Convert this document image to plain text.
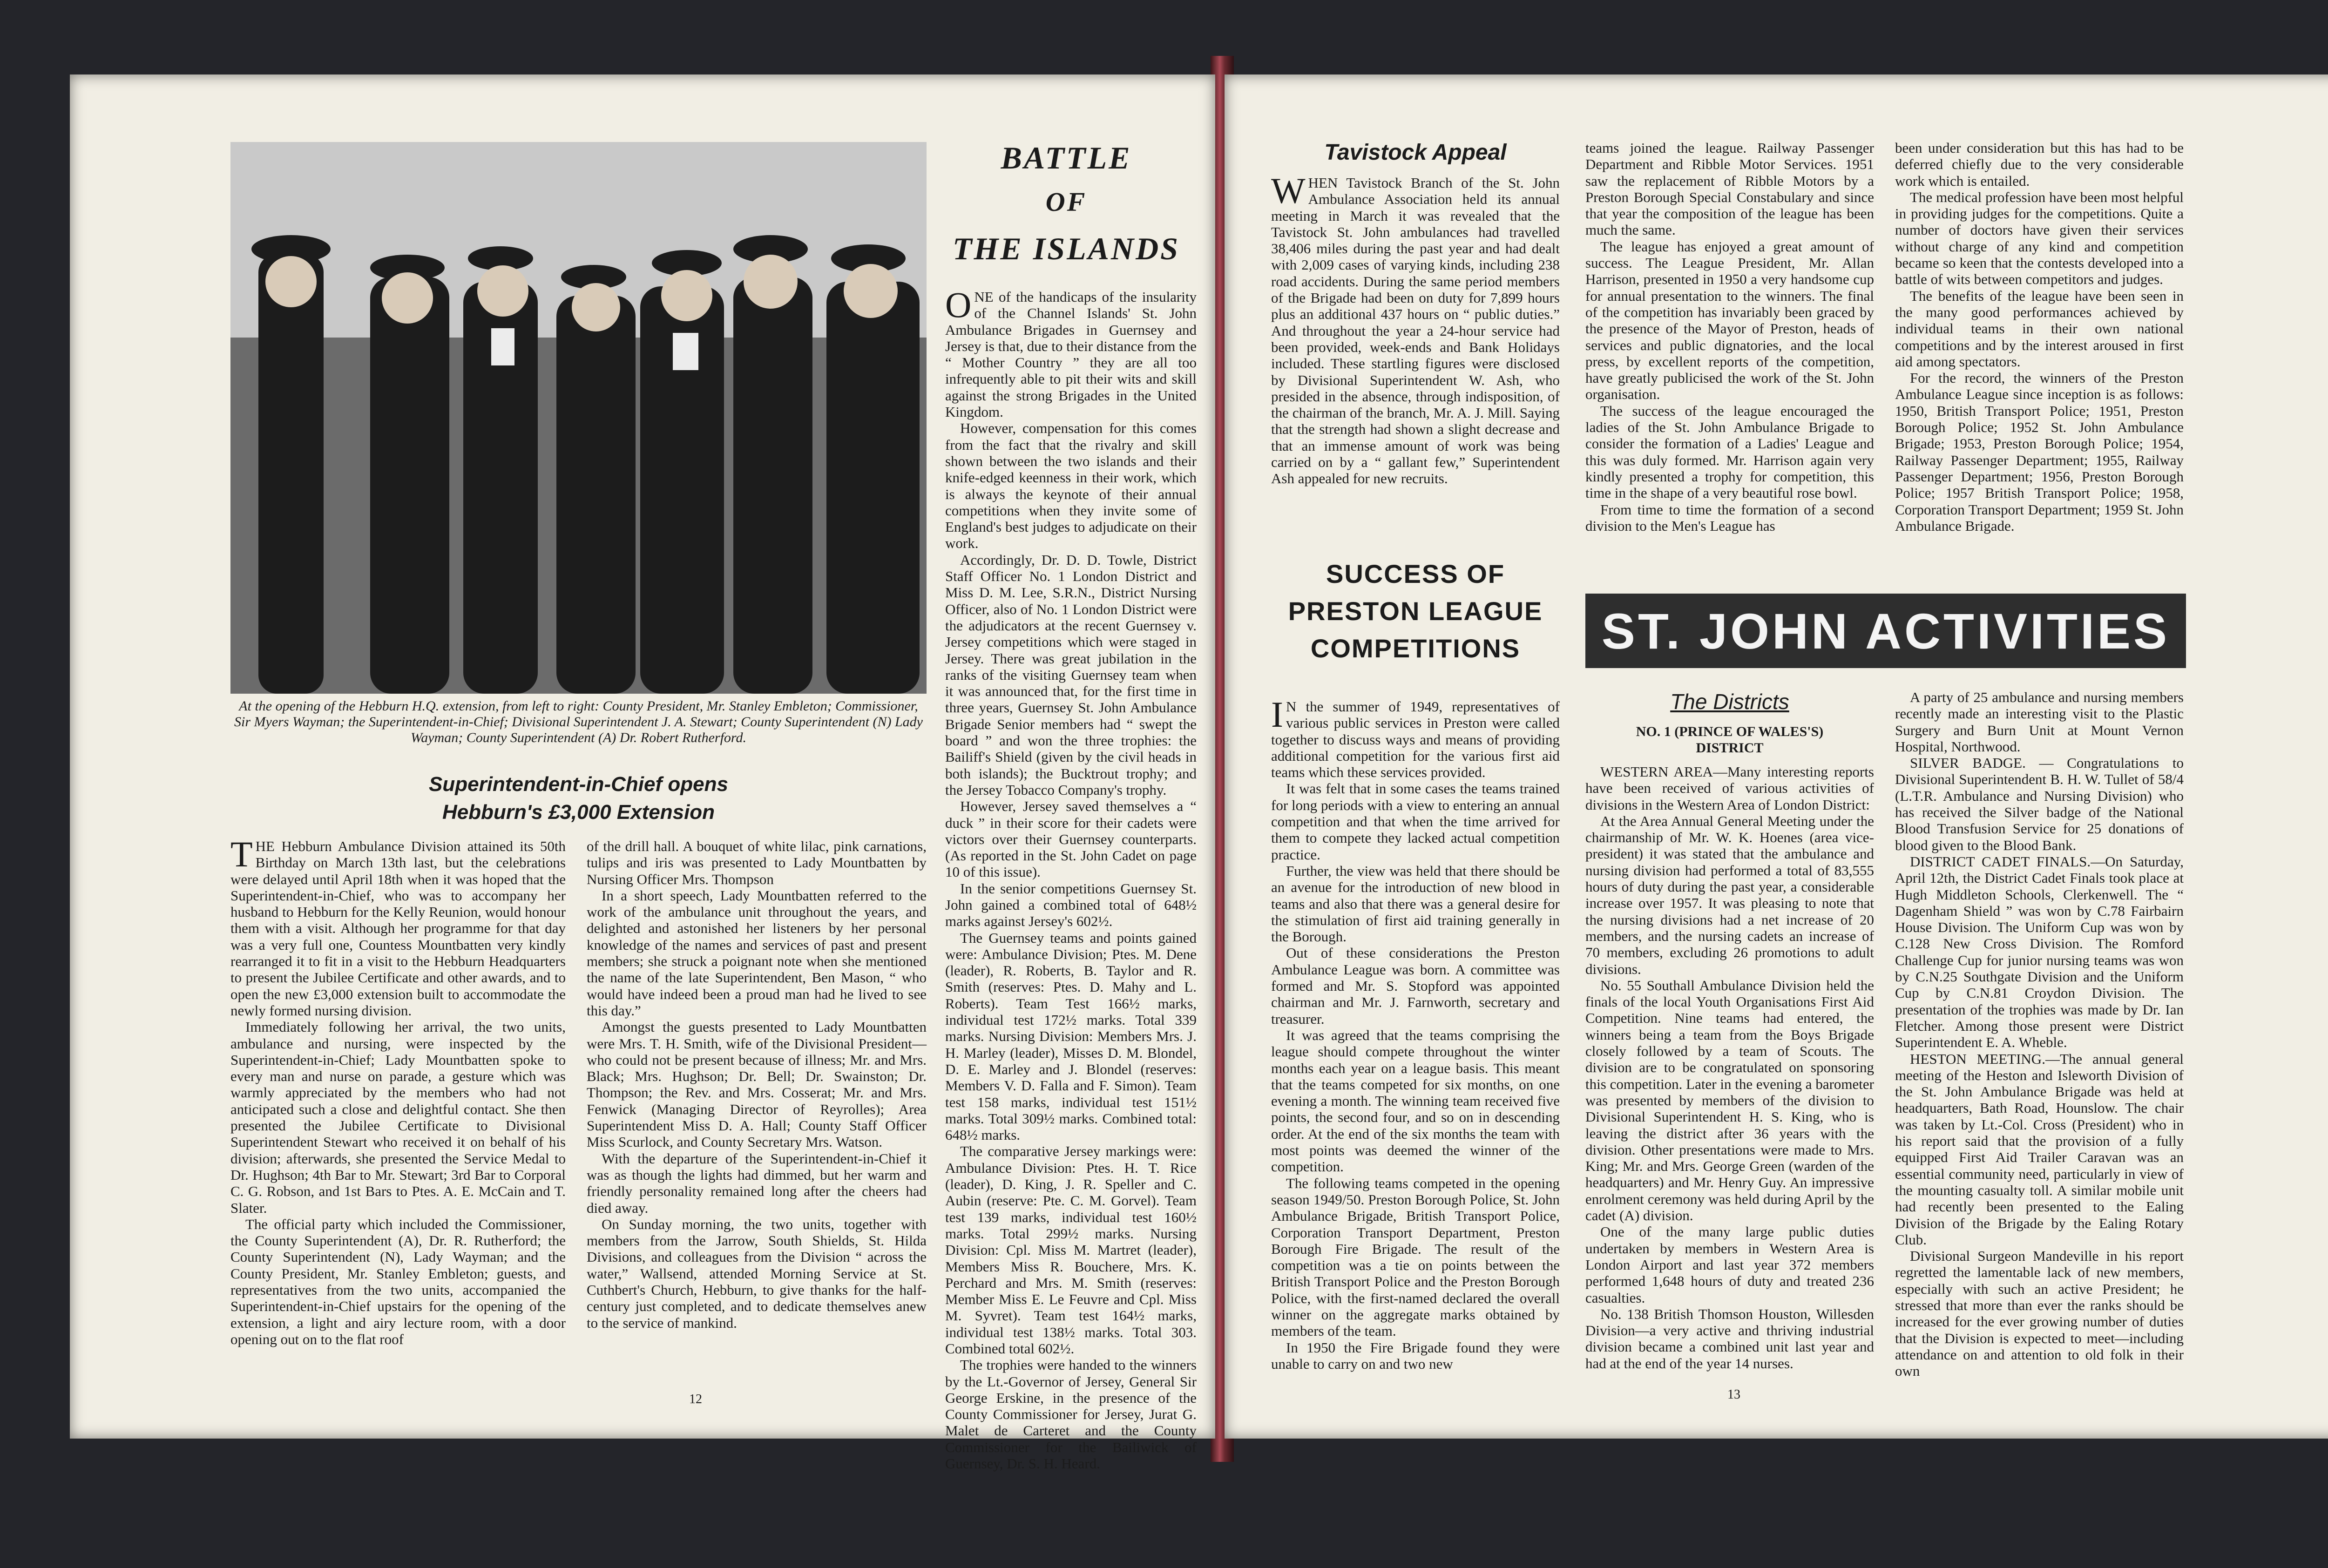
At the opening of the Hebburn H.Q. extension, from left to right: County President, Mr. Stanley Embleton; Commissioner, Sir Myers Wayman; the Superintendent-in-Chief; Divisional Superintendent J. A. Stewart; County Superintendent (N) Lady Wayman; County Superintendent (A) Dr. Robert Rutherford.
Superintendent-in-Chief opens
Hebburn's £3,000 Extension

THE Hebburn Ambulance Division attained its 50th Birthday on March 13th last, but the celebrations were delayed until April 18th when it was hoped that the Superintendent-in-Chief, who was to accompany her husband to Hebburn for the Kelly Reunion, would honour them with a visit. Although her programme for that day was a very full one, Countess Mountbatten very kindly rearranged it to fit in a visit to the Hebburn Headquarters to present the Jubilee Certificate and other awards, and to open the new £3,000 extension built to accommodate the newly formed nursing division.

Immediately following her arrival, the two units, ambulance and nursing, were inspected by the Superintendent-in-Chief; Lady Mountbatten spoke to every man and nurse on parade, a gesture which was warmly appreciated by the members who had not anticipated such a close and delightful contact. She then presented the Jubilee Certificate to Divisional Superintendent Stewart who received it on behalf of his division; afterwards, she presented the Service Medal to Dr. Hughson; 4th Bar to Mr. Stewart; 3rd Bar to Corporal C. G. Robson, and 1st Bars to Ptes. A. E. McCain and T. Slater.

The official party which included the Commissioner, the County Superintendent (A), Dr. R. Rutherford; the County Superintendent (N), Lady Wayman; and the County President, Mr. Stanley Embleton; guests, and representatives from the two units, accompanied the Superintendent-in-Chief upstairs for the opening of the extension, a light and airy lecture room, with a door opening out on to the flat roof

of the drill hall. A bouquet of white lilac, pink carnations, tulips and iris was presented to Lady Mountbatten by Nursing Officer Mrs. Thompson

In a short speech, Lady Mountbatten referred to the work of the ambulance unit throughout the years, and delighted and astonished her listeners by her personal knowledge of the names and services of past and present members; she struck a poignant note when she mentioned the name of the late Superintendent, Ben Mason, “ who would have indeed been a proud man had he lived to see this day.”

Amongst the guests presented to Lady Mountbatten were Mrs. T. H. Smith, wife of the Divisional President—who could not be present because of illness; Mr. and Mrs. Black; Mrs. Hughson; Dr. Bell; Dr. Swainston; Dr. Thompson; the Rev. and Mrs. Cosserat; Mr. and Mrs. Fenwick (Managing Director of Reyrolles); Area Superintendent Miss D. A. Hall; County Staff Officer Miss Scurlock, and County Secretary Mrs. Watson.

With the departure of the Superintendent-in-Chief it was as though the lights had dimmed, but her warm and friendly personality remained long after the cheers had died away.

On Sunday morning, the two units, together with members from the Jarrow, South Shields, St. Hilda Divisions, and colleagues from the Division “ across the water,” Wallsend, attended Morning Service at St. Cuthbert's Church, Hebburn, to give thanks for the half-century just completed, and to dedicate themselves anew to the service of mankind.

BATTLE
OF
THE ISLANDS

ONE of the handicaps of the insularity of the Channel Islands' St. John Ambulance Brigades in Guernsey and Jersey is that, due to their distance from the “ Mother Country ” they are all too infrequently able to pit their wits and skill against the strong Brigades in the United Kingdom.

However, compensation for this comes from the fact that the rivalry and skill shown between the two islands and their knife-edged keenness in their work, which is always the keynote of their annual competitions when they invite some of England's best judges to adjudicate on their work.

Accordingly, Dr. D. D. Towle, District Staff Officer No. 1 London District and Miss D. M. Lee, S.R.N., District Nursing Officer, also of No. 1 London District were the adjudicators at the recent Guernsey v. Jersey competitions which were staged in Jersey. There was great jubilation in the ranks of the visiting Guernsey team when it was announced that, for the first time in three years, Guernsey St. John Ambulance Brigade Senior members had “ swept the board ” and won the three trophies: the Bailiff's Shield (given by the civil heads in both islands); the Bucktrout trophy; and the Jersey Tobacco Company's trophy.

However, Jersey saved themselves a “ duck ” in their score for their cadets were victors over their Guernsey counterparts. (As reported in the St. John Cadet on page 10 of this issue).

In the senior competitions Guernsey St. John gained a combined total of 648½ marks against Jersey's 602½.

The Guernsey teams and points gained were: Ambulance Division; Ptes. M. Dene (leader), R. Roberts, B. Taylor and R. Smith (reserves: Ptes. D. Mahy and L. Roberts). Team Test 166½ marks, individual test 172½ marks. Total 339 marks. Nursing Division: Members Mrs. J. H. Marley (leader), Misses D. M. Blondel, D. E. Marley and J. Blondel (reserves: Members V. D. Falla and F. Simon). Team test 158 marks, individual test 151½ marks. Total 309½ marks. Combined total: 648½ marks.

The comparative Jersey markings were: Ambulance Division: Ptes. H. T. Rice (leader), D. King, J. R. Speller and C. Aubin (reserve: Pte. C. M. Gorvel). Team test 139 marks, individual test 160½ marks. Total 299½ marks. Nursing Division: Cpl. Miss M. Martret (leader), Members Miss R. Bouchere, Mrs. K. Perchard and Mrs. M. Smith (reserves: Member Miss E. Le Feuvre and Cpl. Miss M. Syvret). Team test 164½ marks, individual test 138½ marks. Total 303. Combined total 602½.

The trophies were handed to the winners by the Lt.-Governor of Jersey, General Sir George Erskine, in the presence of the County Commissioner for Jersey, Jurat G. Malet de Carteret and the County Commissioner for the Bailiwick of Guernsey, Dr. S. H. Heard.

12
Tavistock Appeal

WHEN Tavistock Branch of the St. John Ambulance Association held its annual meeting in March it was revealed that the Tavistock St. John ambulances had travelled 38,406 miles during the past year and had dealt with 2,009 cases of varying kinds, including 238 road accidents. During the same period members of the Brigade had been on duty for 7,899 hours plus an additional 437 hours on “ public duties.” And throughout the year a 24-hour service had been provided, week-ends and Bank Holidays included. These startling figures were disclosed by Divisional Superintendent W. Ash, who presided in the absence, through indisposition, of the chairman of the branch, Mr. A. J. Mill. Saying that the strength had shown a slight decrease and that an immense amount of work was being carried on by a “ gallant few,” Superintendent Ash appealed for new recruits.

SUCCESS OF
PRESTON LEAGUE
COMPETITIONS

IN the summer of 1949, representatives of various public services in Preston were called together to discuss ways and means of providing additional competition for the various first aid teams which these services provided.

It was felt that in some cases the teams trained for long periods with a view to entering an annual competition and that when the time arrived for them to compete they lacked actual competition practice.

Further, the view was held that there should be an avenue for the introduction of new blood in teams and also that there was a general desire for the stimulation of first aid training generally in the Borough.

Out of these considerations the Preston Ambulance League was born. A committee was formed and Mr. S. Stopford was appointed chairman and Mr. J. Farnworth, secretary and treasurer.

It was agreed that the teams comprising the league should compete throughout the winter months each year on a league basis. This meant that the teams competed for six months, on one evening a month. The winning team received five points, the second four, and so on in descending order. At the end of the six months the team with most points was deemed the winner of the competition.

The following teams competed in the opening season 1949/50. Preston Borough Police, St. John Ambulance Brigade, British Transport Police, Corporation Transport Department, Preston Borough Fire Brigade. The result of the competition was a tie on points between the British Transport Police and the Preston Borough Police, with the first-named declared the overall winner on the aggregate marks obtained by members of the team.

In 1950 the Fire Brigade found they were unable to carry on and two new

teams joined the league. Railway Passenger Department and Ribble Motor Services. 1951 saw the replacement of Ribble Motors by a Preston Borough Special Constabulary and since that year the composition of the league has been much the same.

The league has enjoyed a great amount of success. The League President, Mr. Allan Harrison, presented in 1950 a very handsome cup for annual presentation to the winners. The final of the competition has invariably been graced by the presence of the Mayor of Preston, heads of services and public dignatories, and the local press, by excellent reports of the competition, have greatly publicised the work of the St. John organisation.

The success of the league encouraged the ladies of the St. John Ambulance Brigade to consider the formation of a Ladies' League and this was duly formed. Mr. Harrison again very kindly presented a trophy for competition, this time in the shape of a very beautiful rose bowl.

From time to time the formation of a second division to the Men's League has

been under consideration but this has had to be deferred chiefly due to the very considerable work which is entailed.

The medical profession have been most helpful in providing judges for the competitions. Quite a number of doctors have given their services without charge of any kind and competition became so keen that the contests developed into a battle of wits between competitors and judges.

The benefits of the league have been seen in the many good performances achieved by individual teams in their own national competitions and by the interest aroused in first aid among spectators.

For the record, the winners of the Preston Ambulance League since inception is as follows: 1950, British Transport Police; 1951, Preston Borough Police; 1952 St. John Ambulance Brigade; 1953, Preston Borough Police; 1954, Railway Passenger Department; 1955, Railway Passenger Department; 1956, Preston Borough Police; 1957 British Transport Police; 1958, Corporation Transport Department; 1959 St. John Ambulance Brigade.

ST. JOHN ACTIVITIES
The Districts
NO. 1 (PRINCE OF WALES'S)
DISTRICT

WESTERN AREA—Many interesting reports have been received of various activities of divisions in the Western Area of London District:

At the Area Annual General Meeting under the chairmanship of Mr. W. K. Hoenes (area vice-president) it was stated that the ambulance and nursing division had performed a total of 83,555 hours of duty during the past year, a considerable increase over 1957. It was pleasing to note that the nursing divisions had a net increase of 20 members, and the nursing cadets an increase of 70 members, excluding 26 promotions to adult divisions.

No. 55 Southall Ambulance Division held the finals of the local Youth Organisations First Aid Competition. Nine teams had entered, the winners being a team from the Boys Brigade closely followed by a team of Scouts. The division are to be congratulated on sponsoring this competition. Later in the evening a barometer was presented by members of the division to Divisional Superintendent H. S. King, who is leaving the district after 36 years with the division. Other presentations were made to Mrs. King; Mr. and Mrs. George Green (warden of the headquarters) and Mr. Henry Guy. An impressive enrolment ceremony was held during April by the cadet (A) division.

One of the many large public duties undertaken by members in Western Area is London Airport and last year 372 members performed 1,648 hours of duty and treated 236 casualties.

No. 138 British Thomson Houston, Willesden Division—a very active and thriving industrial division became a combined unit last year and had at the end of the year 14 nurses.

A party of 25 ambulance and nursing members recently made an interesting visit to the Plastic Surgery and Burn Unit at Mount Vernon Hospital, Northwood.

SILVER BADGE. — Congratulations to Divisional Superintendent B. H. W. Tullet of 58/4 (L.T.R. Ambulance and Nursing Division) who has received the Silver badge of the National Blood Transfusion Service for 25 donations of blood given to the Blood Bank.

DISTRICT CADET FINALS.—On Saturday, April 12th, the District Cadet Finals took place at Hugh Middleton Schools, Clerkenwell. The “ Dagenham Shield ” was won by C.78 Fairbairn House Division. The Uniform Cup was won by C.128 New Cross Division. The Romford Challenge Cup for junior nursing teams was won by C.N.25 Southgate Division and the Uniform Cup by C.N.81 Croydon Division. The presentation of the trophies was made by Dr. Ian Fletcher. Among those present were District Superintendent E. A. Wheble.

HESTON MEETING.—The annual general meeting of the Heston and Isleworth Division of the St. John Ambulance Brigade was held at headquarters, Bath Road, Hounslow. The chair was taken by Lt.-Col. Cross (President) who in his report said that the provision of a fully equipped First Aid Trailer Caravan was an essential community need, particularly in view of the mounting casualty toll. A similar mobile unit had recently been presented to the Ealing Division of the Brigade by the Ealing Rotary Club.

Divisional Surgeon Mandeville in his report regretted the lamentable lack of new members, especially with such an active President; he stressed that more than ever the ranks should be increased for the ever growing number of duties that the Division is expected to meet—including attendance on and attention to old folk in their own

13
